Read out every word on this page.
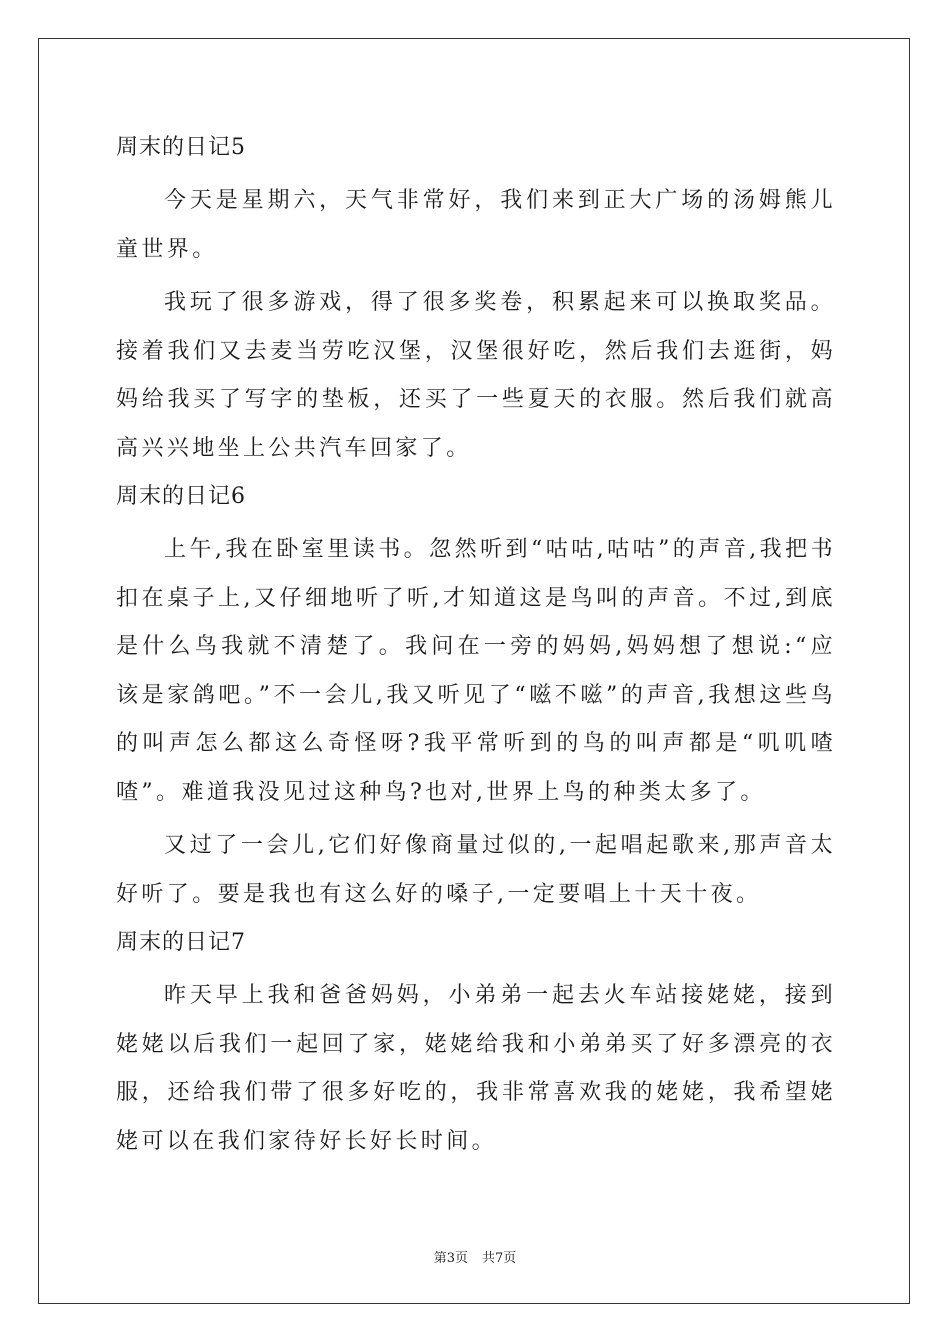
周末的日记5

今天是星期六，天气非常好，我们来到正大广场的汤姆熊儿童世界。

我玩了很多游戏，得了很多奖卷，积累起来可以换取奖品。接着我们又去麦当劳吃汉堡，汉堡很好吃，然后我们去逛街，妈妈给我买了写字的垫板，还买了一些夏天的衣服。然后我们就高高兴兴地坐上公共汽车回家了。

周末的日记6

上午,我在卧室里读书。忽然听到“咕咕,咕咕”的声音,我把书扣在桌子上,又仔细地听了听,才知道这是鸟叫的声音。不过,到底是什么鸟我就不清楚了。我问在一旁的妈妈,妈妈想了想说:“应该是家鸽吧。”不一会儿,我又听见了“嗞不嗞”的声音,我想这些鸟的叫声怎么都这么奇怪呀?我平常听到的鸟的叫声都是“叽叽喳喳”。难道我没见过这种鸟?也对,世界上鸟的种类太多了。

又过了一会儿,它们好像商量过似的,一起唱起歌来,那声音太好听了。要是我也有这么好的嗓子,一定要唱上十天十夜。

周末的日记7

昨天早上我和爸爸妈妈，小弟弟一起去火车站接姥姥，接到姥姥以后我们一起回了家，姥姥给我和小弟弟买了好多漂亮的衣服，还给我们带了很多好吃的，我非常喜欢我的姥姥，我希望姥姥可以在我们家待好长好长时间。

第3页 共7页
